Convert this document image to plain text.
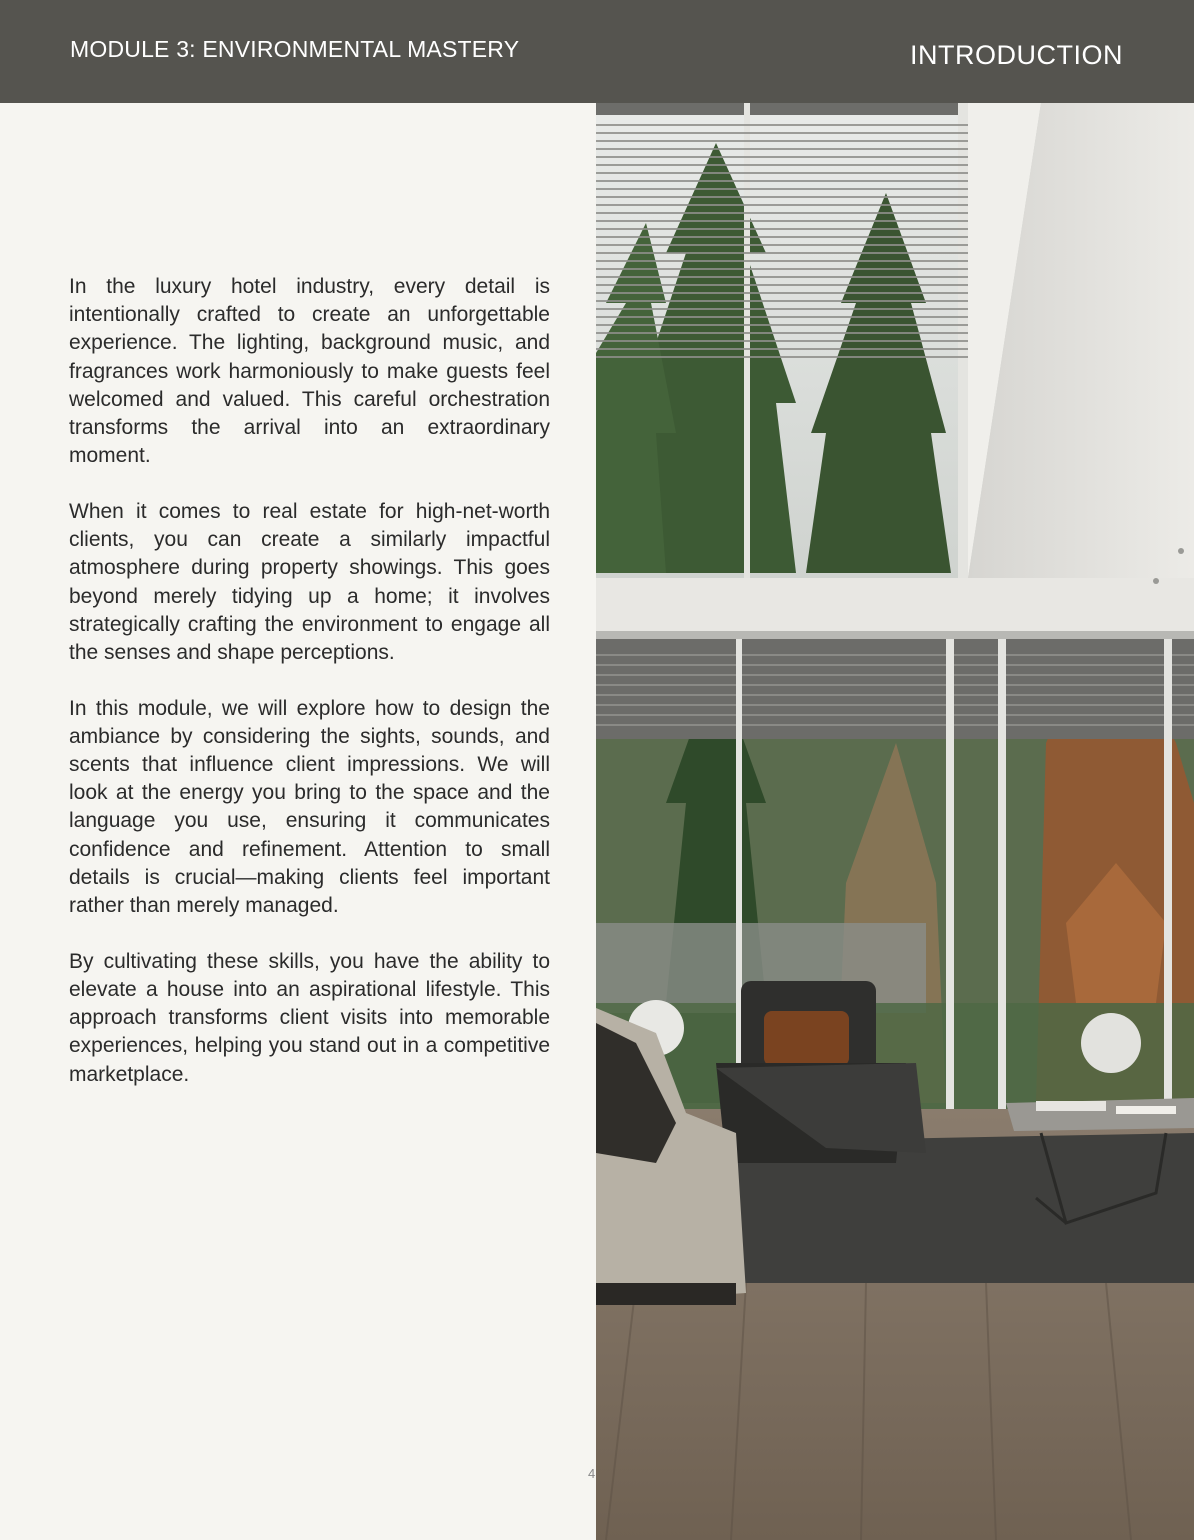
MODULE 3: ENVIRONMENTAL MASTERY	INTRODUCTION

In the luxury hotel industry, every detail is intentionally crafted to create an unforgettable experience. The lighting, background music, and fragrances work harmoniously to make guests feel welcomed and valued. This careful orchestration transforms the arrival into an extraordinary moment.

When it comes to real estate for high-net-worth clients, you can create a similarly impactful atmosphere during property showings. This goes beyond merely tidying up a home; it involves strategically crafting the environment to engage all the senses and shape perceptions.

In this module, we will explore how to design the ambiance by considering the sights, sounds, and scents that influence client impressions. We will look at the energy you bring to the space and the language you use, ensuring it communicates confidence and refinement. Attention to small details is crucial—making clients feel important rather than merely managed.

By cultivating these skills, you have the ability to elevate a house into an aspirational lifestyle. This approach transforms client visits into memorable experiences, helping you stand out in a competitive marketplace.

4
